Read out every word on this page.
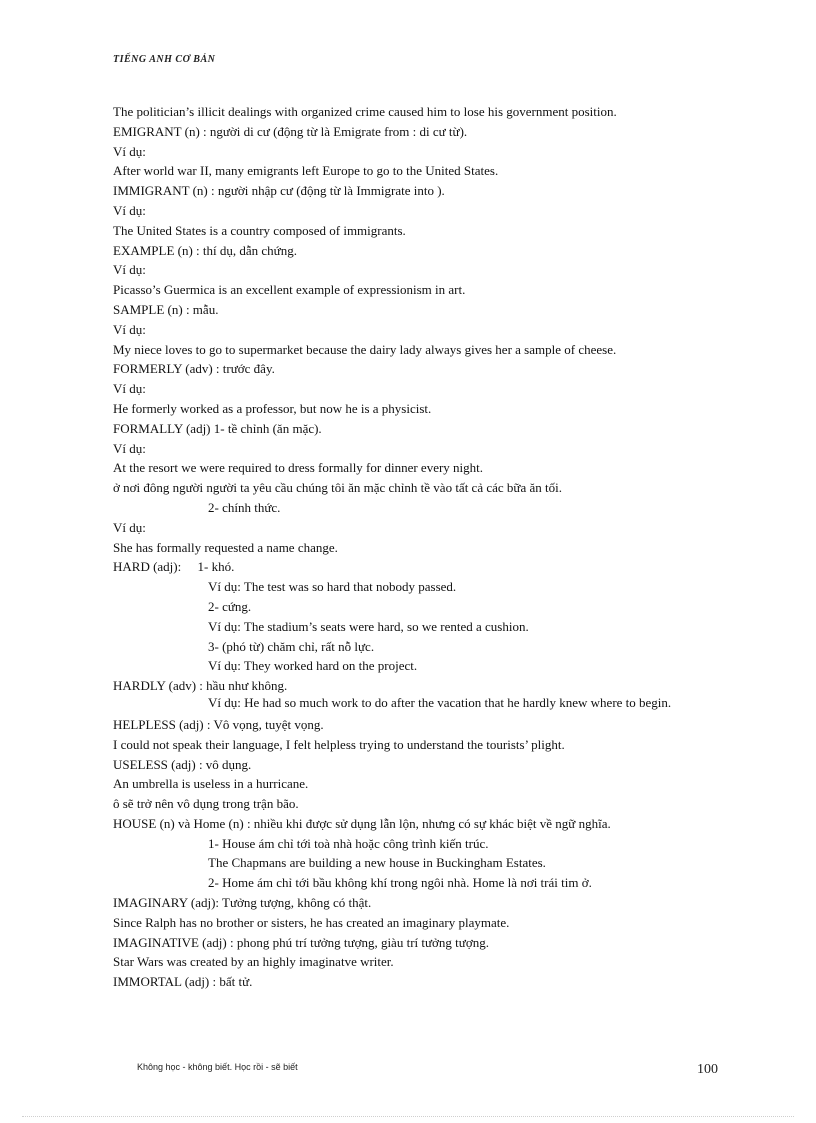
TIẾNG ANH CƠ BẢN
The politician’s illicit dealings with organized crime caused him to lose his government position.
EMIGRANT (n) : người di cư (động từ là Emigrate from : di cư từ).
Ví dụ:
After world war II, many emigrants left Europe to go to the United States.
IMMIGRANT (n) : người nhập cư (động từ là Immigrate into ).
Ví dụ:
The United States is a country composed of immigrants.
EXAMPLE (n) : thí dụ, dẫn chứng.
Ví dụ:
Picasso’s Guermica is an excellent example of expressionism in art.
SAMPLE (n) : mẫu.
Ví dụ:
My niece loves to go to supermarket because the dairy lady always gives her a sample of cheese.
FORMERLY (adv) : trước đây.
Ví dụ:
He formerly worked as a professor, but now he is a physicist.
FORMALLY (adj) 1- tề chỉnh (ăn mặc).
Ví dụ:
At the resort we were required to dress formally for dinner every night.
ở nơi đông người người ta yêu cầu chúng tôi ăn mặc chỉnh tề vào tất cả các bữa ăn tối.
2- chính thức.
Ví dụ:
She has formally requested a name change.
HARD (adj):     1- khó.
Ví dụ: The test was so hard that nobody passed.
2- cứng.
Ví dụ: The stadium’s seats were hard, so we rented a cushion.
3- (phó từ) chăm chỉ, rất nỗ lực.
Ví dụ: They worked hard on the project.
HARDLY (adv) : hầu như không.
Ví dụ: He had so much work to do after the vacation that he hardly knew where to begin.
HELPLESS (adj) : Vô vọng, tuyệt vọng.
I could not speak their language, I felt helpless trying to understand the tourists’ plight.
USELESS (adj) : vô dụng.
An umbrella is useless in a hurricane.
ô sẽ trở nên vô dụng trong trận bão.
HOUSE (n) và Home (n) : nhiều khi được sử dụng lẫn lộn, nhưng có sự khác biệt về ngữ nghĩa.
1- House ám chỉ tới toà nhà hoặc công trình kiến trúc.
The Chapmans are building a new house in Buckingham Estates.
2- Home ám chỉ tới bầu không khí trong ngôi nhà. Home là nơi trái tim ở.
IMAGINARY (adj): Tưởng tượng, không có thật.
Since Ralph has no brother or sisters, he has created an imaginary playmate.
IMAGINATIVE (adj) : phong phú trí tưởng tượng, giàu trí tưởng tượng.
Star Wars was created by an highly imaginatve writer.
IMMORTAL (adj) : bất tử.
Không học - không biết. Học rồi - sẽ biết	100
